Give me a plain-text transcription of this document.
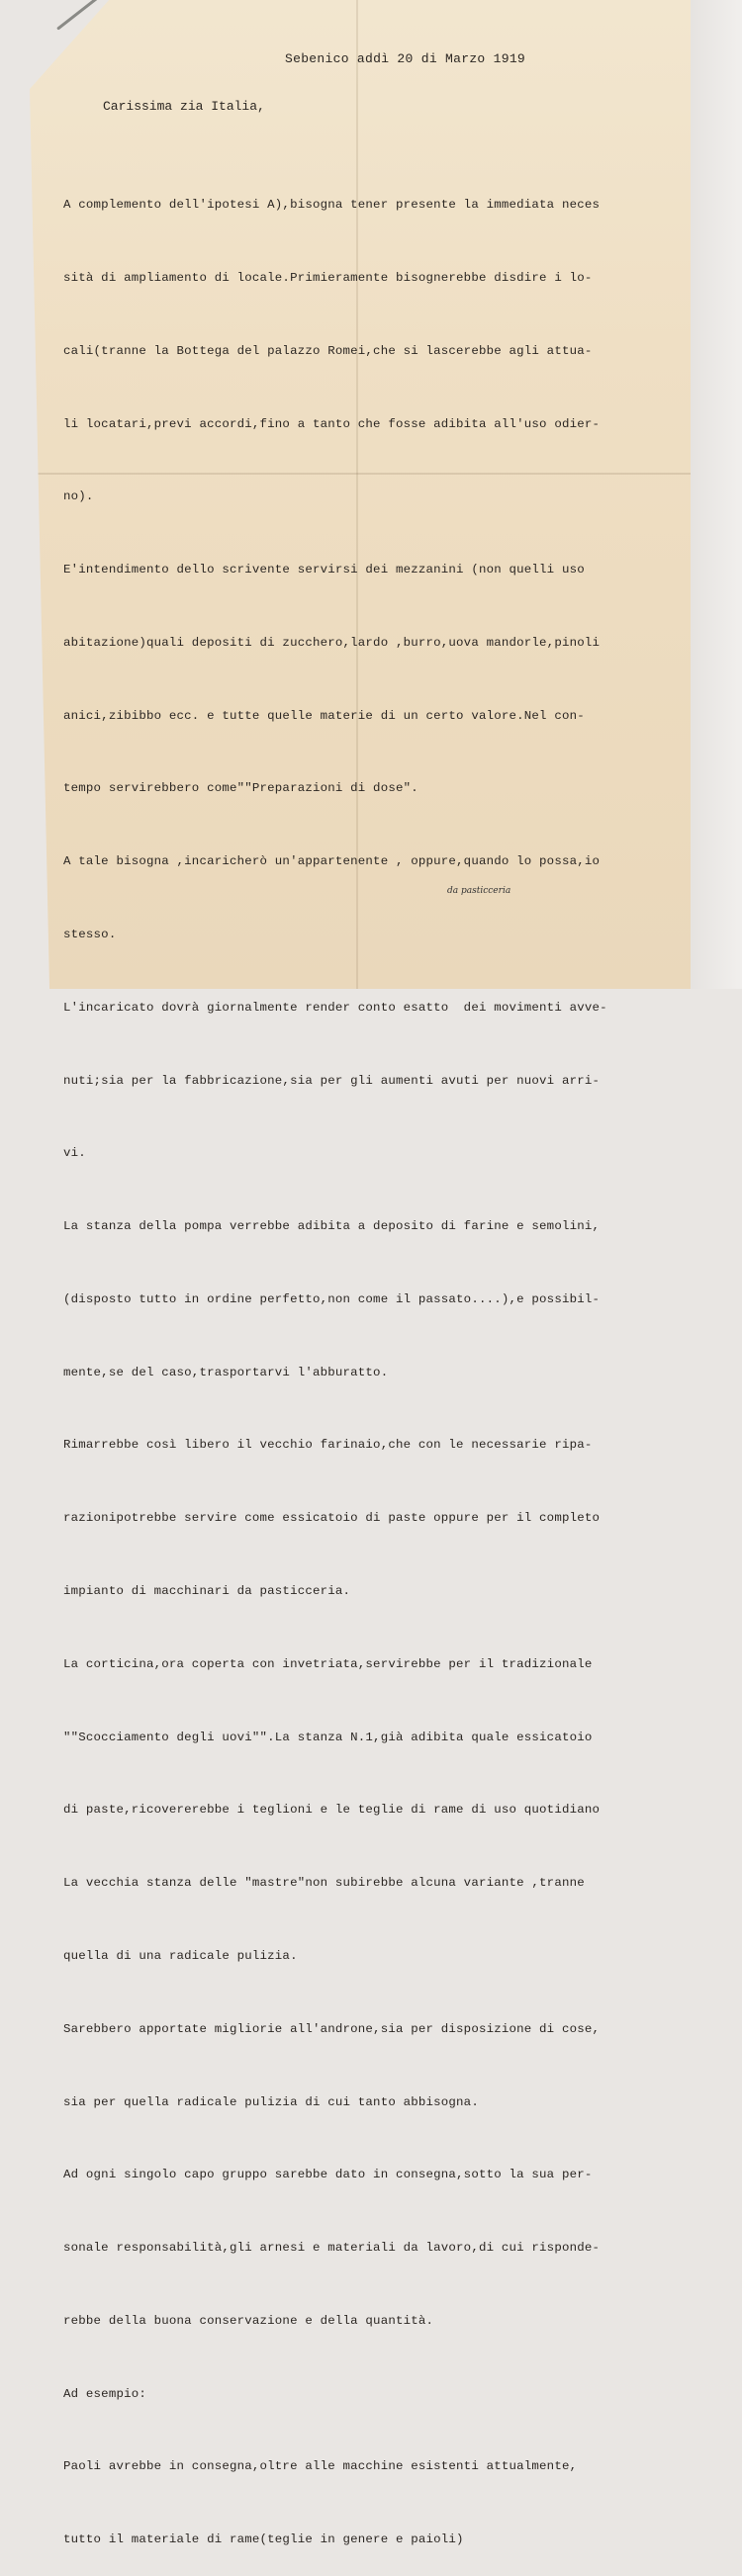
Sebenico addì 20 di Marzo 1919
Carissima zia Italia,

A complemento dell'ipotesi A),bisogna tener presente la immediata neces

sità di ampliamento di locale.Primieramente bisognerebbe disdire i lo-

cali(tranne la Bottega del palazzo Romei,che si lascerebbe agli attua-

li locatari,previ accordi,fino a tanto che fosse adibita all'uso odier-

no).

E'intendimento dello scrivente servirsi dei mezzanini (non quelli uso

abitazione)quali depositi di zucchero,lardo ,burro,uova mandorle,pinoli

anici,zibibbo ecc. e tutte quelle materie di un certo valore.Nel con-

tempo servirebbero come""Preparazioni di dose".

A tale bisogna ,incaricherò un'appartenente , oppure,quando lo possa,io

stesso.

L'incaricato dovrà giornalmente render conto esatto  dei movimenti avve-

nuti;sia per la fabbricazione,sia per gli aumenti avuti per nuovi arri-

vi.

La stanza della pompa verrebbe adibita a deposito di farine e semolini,

(disposto tutto in ordine perfetto,non come il passato....),e possibil-

mente,se del caso,trasportarvi l'abburatto.

Rimarrebbe così libero il vecchio farinaio,che con le necessarie ripa-

razionipotrebbe servire come essicatoio di paste oppure per il completo

impianto di macchinari da pasticceria.

La corticina,ora coperta con invetriata,servirebbe per il tradizionale

""Scocciamento degli uovi"".La stanza N.1,già adibita quale essicatoio

di paste,ricovererebbe i teglioni e le teglie di rame di uso quotidiano

La vecchia stanza delle "mastre"non subirebbe alcuna variante ,tranne

quella di una radicale pulizia.

Sarebbero apportate migliorie all'androne,sia per disposizione di cose,

sia per quella radicale pulizia di cui tanto abbisogna.

Ad ogni singolo capo gruppo sarebbe dato in consegna,sotto la sua per-

sonale responsabilità,gli arnesi e materiali da lavoro,di cui risponde-

rebbe della buona conservazione e della quantità.

Ad esempio:

Paoli avrebbe in consegna,oltre alle macchine esistenti attualmente,

tutto il materiale di rame(teglie in genere e paioli)

da pasticceria
